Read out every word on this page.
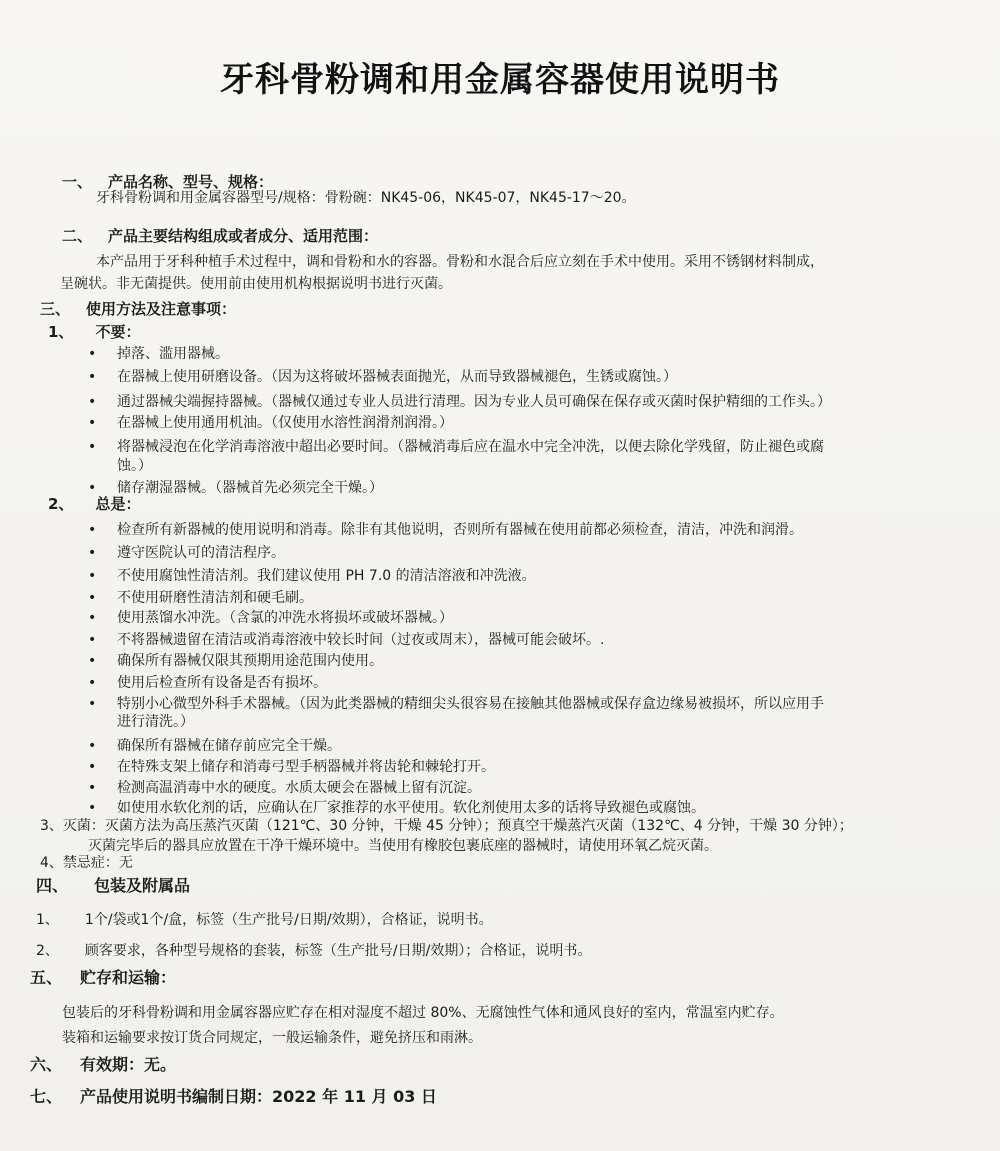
牙科骨粉调和用金属容器使用说明书
一、 产品名称、型号、规格：
牙科骨粉调和用金属容器型号/规格：骨粉碗：NK45-06，NK45-07，NK45-17～20。
二、 产品主要结构组成或者成分、适用范围：
本产品用于牙科种植手术过程中，调和骨粉和水的容器。骨粉和水混合后应立刻在手术中使用。采用不锈钢材料制成，
呈碗状。非无菌提供。使用前由使用机构根据说明书进行灭菌。
三、 使用方法及注意事项：
1、 不要：
掉落、滥用器械。
在器械上使用研磨设备。（因为这将破坏器械表面抛光，从而导致器械褪色，生锈或腐蚀。）
通过器械尖端握持器械。（器械仅通过专业人员进行清理。因为专业人员可确保在保存或灭菌时保护精细的工作头。）
在器械上使用通用机油。（仅使用水溶性润滑剂润滑。）
将器械浸泡在化学消毒溶液中超出必要时间。（器械消毒后应在温水中完全冲洗，以便去除化学残留，防止褪色或腐
蚀。）
储存潮湿器械。（器械首先必须完全干燥。）
•
•
•
•
•
•
2、 总是：
检查所有新器械的使用说明和消毒。除非有其他说明，否则所有器械在使用前都必须检查，清洁，冲洗和润滑。
遵守医院认可的清洁程序。
不使用腐蚀性清洁剂。我们建议使用 PH 7.0 的清洁溶液和冲洗液。
不使用研磨性清洁剂和硬毛刷。
使用蒸馏水冲洗。（含氯的冲洗水将损坏或破坏器械。）
不将器械遗留在清洁或消毒溶液中较长时间（过夜或周末），器械可能会破坏。.
确保所有器械仅限其预期用途范围内使用。
使用后检查所有设备是否有损坏。
特别小心微型外科手术器械。（因为此类器械的精细尖头很容易在接触其他器械或保存盒边缘易被损坏，所以应用手
进行清洗。）
确保所有器械在储存前应完全干燥。
在特殊支架上储存和消毒弓型手柄器械并将齿轮和棘轮打开。
检测高温消毒中水的硬度。水质太硬会在器械上留有沉淀。
如使用水软化剂的话，应确认在厂家推荐的水平使用。软化剂使用太多的话将导致褪色或腐蚀。
•
•
•
•
•
•
•
•
•
•
•
•
•
3、灭菌：灭菌方法为高压蒸汽灭菌（121℃、30 分钟，干燥 45 分钟）；预真空干燥蒸汽灭菌（132℃、4 分钟，干燥 30 分钟）；
灭菌完毕后的器具应放置在干净干燥环境中。当使用有橡胶包裹底座的器械时，请使用环氧乙烷灭菌。
4、禁忌症：无
四、 包装及附属品
1、 1个/袋或1个/盒，标签（生产批号/日期/效期），合格证，说明书。
2、 顾客要求，各种型号规格的套装，标签（生产批号/日期/效期）；合格证，说明书。
五、 贮存和运输：
包装后的牙科骨粉调和用金属容器应贮存在相对湿度不超过 80%、无腐蚀性气体和通风良好的室内，常温室内贮存。
装箱和运输要求按订货合同规定，一般运输条件，避免挤压和雨淋。
六、 有效期：无。
七、 产品使用说明书编制日期：2022 年 11 月 03 日
